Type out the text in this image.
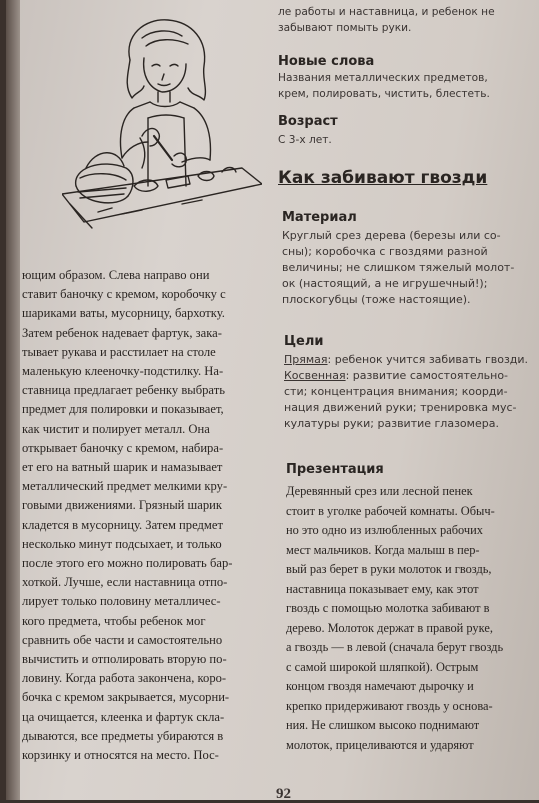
ющим образом. Слева направо они
ставит баночку с кремом, коробочку с
шариками ваты, мусорницу, бархотку.
Затем ребенок надевает фартук, зака-
тывает рукава и расстилает на столе
маленькую клееночку-подстилку. На-
ставница предлагает ребенку выбрать
предмет для полировки и показывает,
как чистит и полирует металл. Она
открывает баночку с кремом, набира-
ет его на ватный шарик и намазывает
металлический предмет мелкими кру-
говыми движениями. Грязный шарик
кладется в мусорницу. Затем предмет
несколько минут подсыхает, и только
после этого его можно полировать бар-
хоткой. Лучше, если наставница отпо-
лирует только половину металличес-
кого предмета, чтобы ребенок мог
сравнить обе части и самостоятельно
вычистить и отполировать вторую по-
ловину. Когда работа закончена, коро-
бочка с кремом закрывается, мусорни-
ца очищается, клеенка и фартук скла-
дываются, все предметы убираются в
корзинку и относятся на место. Пос-

ле работы и наставница, и ребенок не
забывают помыть руки.

Новые слова

Названия металлических предметов,
крем, полировать, чистить, блестеть.

Возраст

С 3-х лет.

Как забивают гвозди

Материал

Круглый срез дерева (березы или со-
сны); коробочка с гвоздями разной
величины; не слишком тяжелый молот-
ок (настоящий, а не игрушечный!);
плоскогубцы (тоже настоящие).

Цели

Прямая: ребенок учится забивать гвозди.
Косвенная: развитие самостоятельно-
сти; концентрация внимания; коорди-
нация движений руки; тренировка мус-
кулатуры руки; развитие глазомера.

Презентация

Деревянный срез или лесной пенек
стоит в уголке рабочей комнаты. Обыч-
но это одно из излюбленных рабочих
мест мальчиков. Когда малыш в пер-
вый раз берет в руки молоток и гвоздь,
наставница показывает ему, как этот
гвоздь с помощью молотка забивают в
дерево. Молоток держат в правой руке,
а гвоздь — в левой (сначала берут гвоздь
с самой широкой шляпкой). Острым
концом гвоздя намечают дырочку и
крепко придерживают гвоздь у основа-
ния. Не слишком высоко поднимают
молоток, прицеливаются и ударяют

92
